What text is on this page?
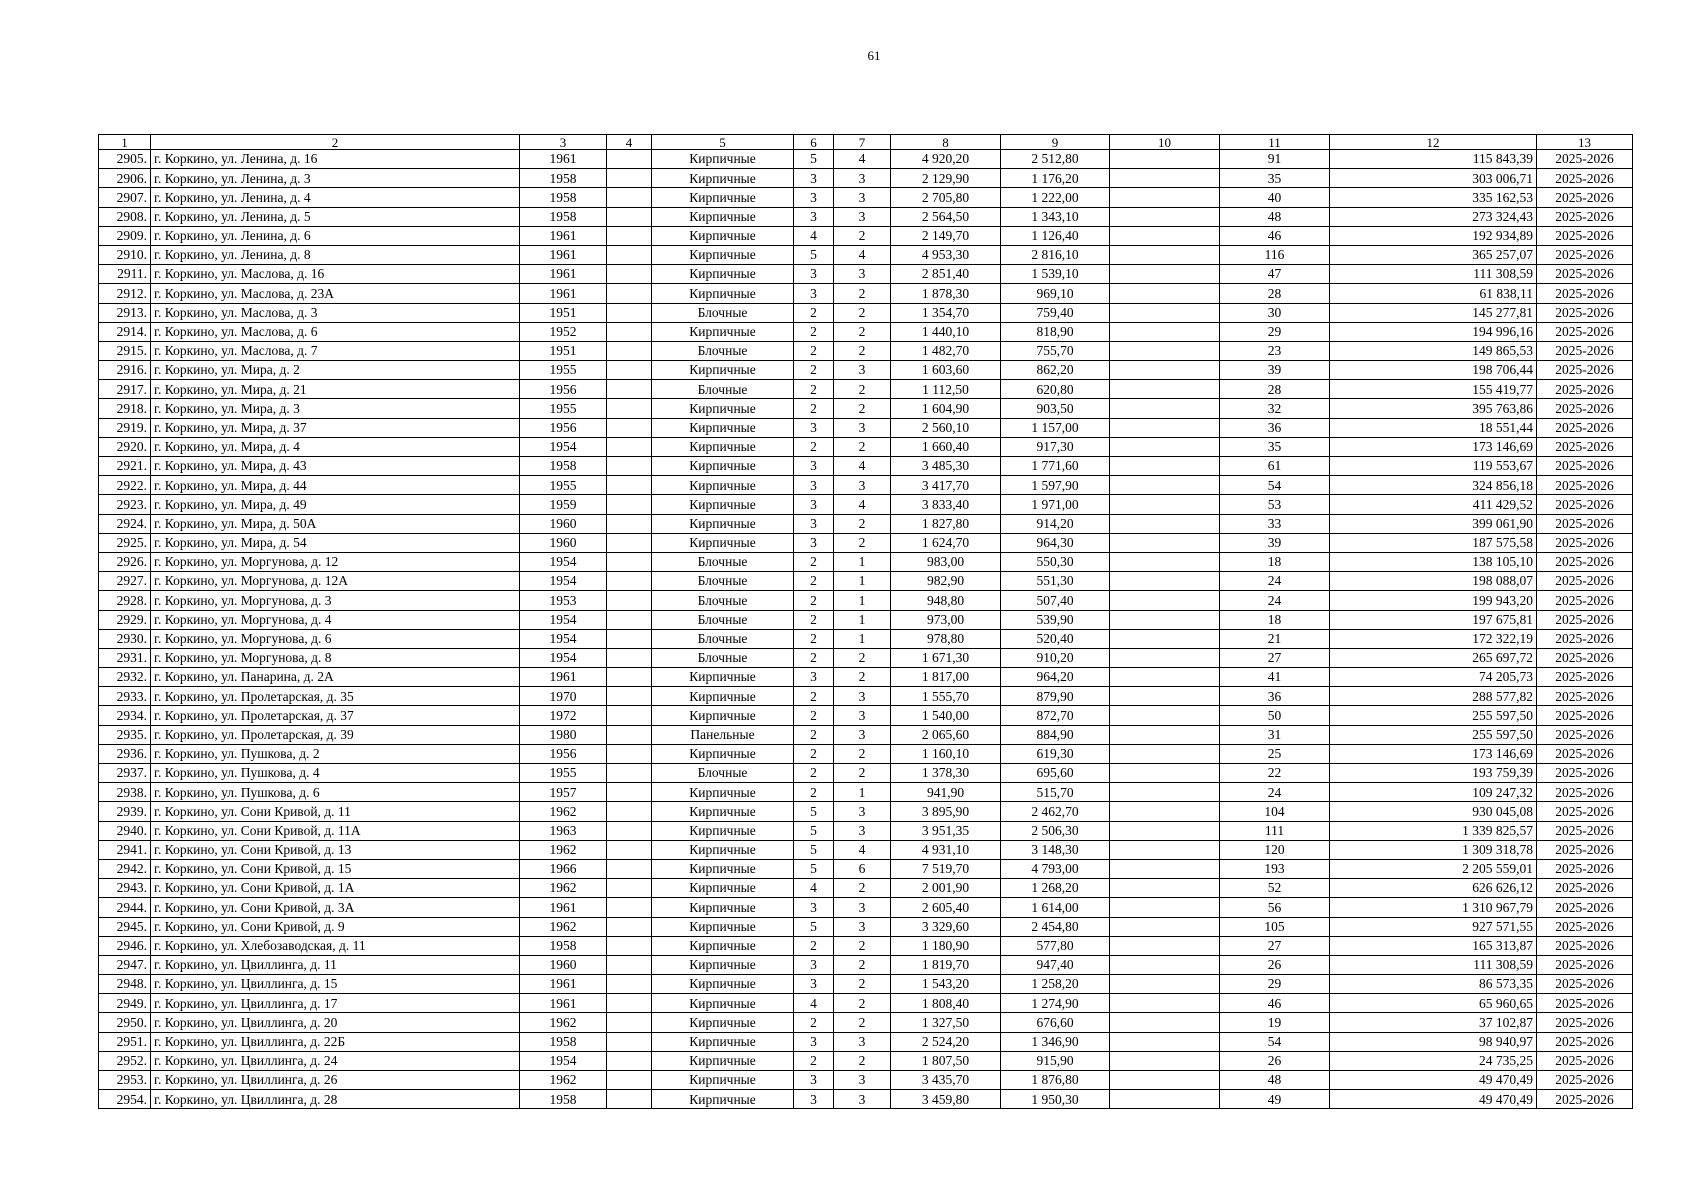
61
1	2	3	4	5	6	7	8	9	10	11	12	13
2905.	г. Коркино, ул. Ленина, д. 16	1961		Кирпичные	5	4	4 920,20	2 512,80		91	115 843,39	2025-2026
2906.	г. Коркино, ул. Ленина, д. 3	1958		Кирпичные	3	3	2 129,90	1 176,20		35	303 006,71	2025-2026
2907.	г. Коркино, ул. Ленина, д. 4	1958		Кирпичные	3	3	2 705,80	1 222,00		40	335 162,53	2025-2026
2908.	г. Коркино, ул. Ленина, д. 5	1958		Кирпичные	3	3	2 564,50	1 343,10		48	273 324,43	2025-2026
2909.	г. Коркино, ул. Ленина, д. 6	1961		Кирпичные	4	2	2 149,70	1 126,40		46	192 934,89	2025-2026
2910.	г. Коркино, ул. Ленина, д. 8	1961		Кирпичные	5	4	4 953,30	2 816,10		116	365 257,07	2025-2026
2911.	г. Коркино, ул. Маслова, д. 16	1961		Кирпичные	3	3	2 851,40	1 539,10		47	111 308,59	2025-2026
2912.	г. Коркино, ул. Маслова, д. 23А	1961		Кирпичные	3	2	1 878,30	969,10		28	61 838,11	2025-2026
2913.	г. Коркино, ул. Маслова, д. 3	1951		Блочные	2	2	1 354,70	759,40		30	145 277,81	2025-2026
2914.	г. Коркино, ул. Маслова, д. 6	1952		Кирпичные	2	2	1 440,10	818,90		29	194 996,16	2025-2026
2915.	г. Коркино, ул. Маслова, д. 7	1951		Блочные	2	2	1 482,70	755,70		23	149 865,53	2025-2026
2916.	г. Коркино, ул. Мира, д. 2	1955		Кирпичные	2	3	1 603,60	862,20		39	198 706,44	2025-2026
2917.	г. Коркино, ул. Мира, д. 21	1956		Блочные	2	2	1 112,50	620,80		28	155 419,77	2025-2026
2918.	г. Коркино, ул. Мира, д. 3	1955		Кирпичные	2	2	1 604,90	903,50		32	395 763,86	2025-2026
2919.	г. Коркино, ул. Мира, д. 37	1956		Кирпичные	3	3	2 560,10	1 157,00		36	18 551,44	2025-2026
2920.	г. Коркино, ул. Мира, д. 4	1954		Кирпичные	2	2	1 660,40	917,30		35	173 146,69	2025-2026
2921.	г. Коркино, ул. Мира, д. 43	1958		Кирпичные	3	4	3 485,30	1 771,60		61	119 553,67	2025-2026
2922.	г. Коркино, ул. Мира, д. 44	1955		Кирпичные	3	3	3 417,70	1 597,90		54	324 856,18	2025-2026
2923.	г. Коркино, ул. Мира, д. 49	1959		Кирпичные	3	4	3 833,40	1 971,00		53	411 429,52	2025-2026
2924.	г. Коркино, ул. Мира, д. 50А	1960		Кирпичные	3	2	1 827,80	914,20		33	399 061,90	2025-2026
2925.	г. Коркино, ул. Мира, д. 54	1960		Кирпичные	3	2	1 624,70	964,30		39	187 575,58	2025-2026
2926.	г. Коркино, ул. Моргунова, д. 12	1954		Блочные	2	1	983,00	550,30		18	138 105,10	2025-2026
2927.	г. Коркино, ул. Моргунова, д. 12А	1954		Блочные	2	1	982,90	551,30		24	198 088,07	2025-2026
2928.	г. Коркино, ул. Моргунова, д. 3	1953		Блочные	2	1	948,80	507,40		24	199 943,20	2025-2026
2929.	г. Коркино, ул. Моргунова, д. 4	1954		Блочные	2	1	973,00	539,90		18	197 675,81	2025-2026
2930.	г. Коркино, ул. Моргунова, д. 6	1954		Блочные	2	1	978,80	520,40		21	172 322,19	2025-2026
2931.	г. Коркино, ул. Моргунова, д. 8	1954		Блочные	2	2	1 671,30	910,20		27	265 697,72	2025-2026
2932.	г. Коркино, ул. Панарина, д. 2А	1961		Кирпичные	3	2	1 817,00	964,20		41	74 205,73	2025-2026
2933.	г. Коркино, ул. Пролетарская, д. 35	1970		Кирпичные	2	3	1 555,70	879,90		36	288 577,82	2025-2026
2934.	г. Коркино, ул. Пролетарская, д. 37	1972		Кирпичные	2	3	1 540,00	872,70		50	255 597,50	2025-2026
2935.	г. Коркино, ул. Пролетарская, д. 39	1980		Панельные	2	3	2 065,60	884,90		31	255 597,50	2025-2026
2936.	г. Коркино, ул. Пушкова, д. 2	1956		Кирпичные	2	2	1 160,10	619,30		25	173 146,69	2025-2026
2937.	г. Коркино, ул. Пушкова, д. 4	1955		Блочные	2	2	1 378,30	695,60		22	193 759,39	2025-2026
2938.	г. Коркино, ул. Пушкова, д. 6	1957		Кирпичные	2	1	941,90	515,70		24	109 247,32	2025-2026
2939.	г. Коркино, ул. Сони Кривой, д. 11	1962		Кирпичные	5	3	3 895,90	2 462,70		104	930 045,08	2025-2026
2940.	г. Коркино, ул. Сони Кривой, д. 11А	1963		Кирпичные	5	3	3 951,35	2 506,30		111	1 339 825,57	2025-2026
2941.	г. Коркино, ул. Сони Кривой, д. 13	1962		Кирпичные	5	4	4 931,10	3 148,30		120	1 309 318,78	2025-2026
2942.	г. Коркино, ул. Сони Кривой, д. 15	1966		Кирпичные	5	6	7 519,70	4 793,00		193	2 205 559,01	2025-2026
2943.	г. Коркино, ул. Сони Кривой, д. 1А	1962		Кирпичные	4	2	2 001,90	1 268,20		52	626 626,12	2025-2026
2944.	г. Коркино, ул. Сони Кривой, д. 3А	1961		Кирпичные	3	3	2 605,40	1 614,00		56	1 310 967,79	2025-2026
2945.	г. Коркино, ул. Сони Кривой, д. 9	1962		Кирпичные	5	3	3 329,60	2 454,80		105	927 571,55	2025-2026
2946.	г. Коркино, ул. Хлебозаводская, д. 11	1958		Кирпичные	2	2	1 180,90	577,80		27	165 313,87	2025-2026
2947.	г. Коркино, ул. Цвиллинга, д. 11	1960		Кирпичные	3	2	1 819,70	947,40		26	111 308,59	2025-2026
2948.	г. Коркино, ул. Цвиллинга, д. 15	1961		Кирпичные	3	2	1 543,20	1 258,20		29	86 573,35	2025-2026
2949.	г. Коркино, ул. Цвиллинга, д. 17	1961		Кирпичные	4	2	1 808,40	1 274,90		46	65 960,65	2025-2026
2950.	г. Коркино, ул. Цвиллинга, д. 20	1962		Кирпичные	2	2	1 327,50	676,60		19	37 102,87	2025-2026
2951.	г. Коркино, ул. Цвиллинга, д. 22Б	1958		Кирпичные	3	3	2 524,20	1 346,90		54	98 940,97	2025-2026
2952.	г. Коркино, ул. Цвиллинга, д. 24	1954		Кирпичные	2	2	1 807,50	915,90		26	24 735,25	2025-2026
2953.	г. Коркино, ул. Цвиллинга, д. 26	1962		Кирпичные	3	3	3 435,70	1 876,80		48	49 470,49	2025-2026
2954.	г. Коркино, ул. Цвиллинга, д. 28	1958		Кирпичные	3	3	3 459,80	1 950,30		49	49 470,49	2025-2026
